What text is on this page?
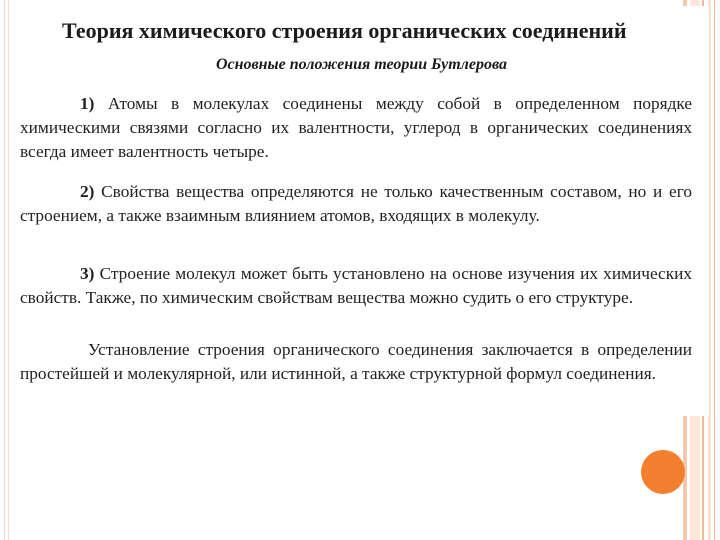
Теория химического строения органических соединений
Основные положения теории Бутлерова
1) Атомы в молекулах соединены между собой в определенном порядке химическими связями согласно их валентности, углерод в органических соединениях всегда имеет валентность четыре.
2) Свойства вещества определяются не только качественным составом, но и его строением, а также взаимным влиянием атомов, входящих в молекулу.
3) Строение молекул может быть установлено на основе изучения их химических свойств. Также, по химическим свойствам вещества можно судить о его структуре.
Установление строения органического соединения заключается в определении простейшей и молекулярной, или истинной, а также структурной формул соединения.
